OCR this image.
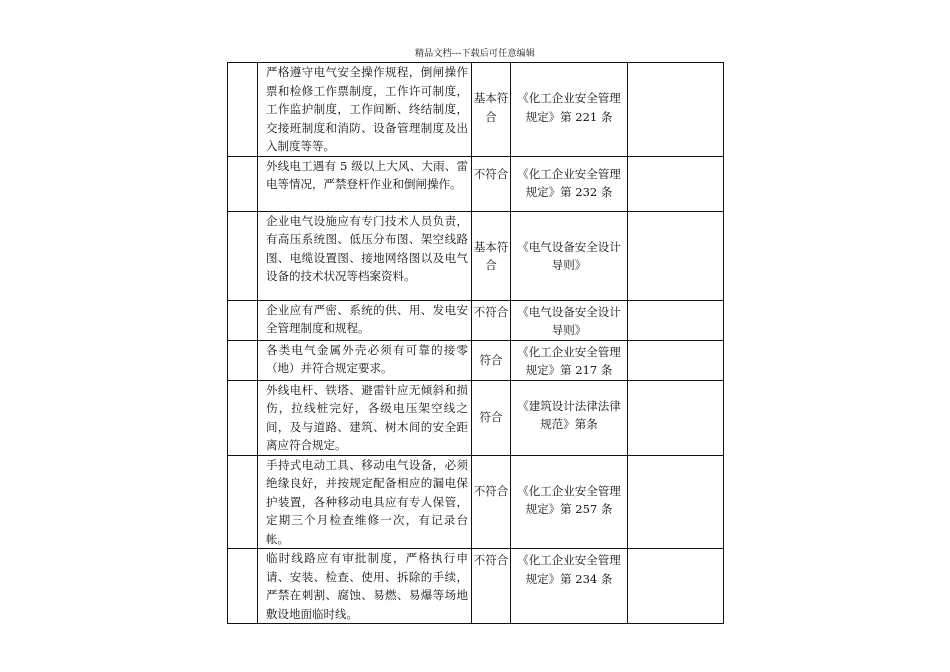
精品文档---下载后可任意编辑
	严格遵守电气安全操作规程，倒闸操作票和检修工作票制度，工作许可制度，工作监护制度，工作间断、终结制度，交接班制度和消防、设备管理制度及出入制度等等。	基本符合	《化工企业安全管理规定》第 221 条	
	外线电工遇有 5 级以上大风、大雨、雷电等情况，严禁登杆作业和倒闸操作。	不符合	《化工企业安全管理规定》第 232 条	
	企业电气设施应有专门技术人员负责，有高压系统图、低压分布图、架空线路图、电缆设置图、接地网络图以及电气设备的技术状况等档案资料。	基本符合	《电气设备安全设计导则》	
	企业应有严密、系统的供、用、发电安全管理制度和规程。	不符合	《电气设备安全设计导则》	
	各类电气金属外壳必须有可靠的接零（地）并符合规定要求。	符合	《化工企业安全管理规定》第 217 条	
	外线电杆、铁塔、避雷针应无倾斜和损伤，拉线桩完好，各级电压架空线之间，及与道路、建筑、树木间的安全距离应符合规定。	符合	《建筑设计法律法律规范》第条	
	手持式电动工具、移动电气设备，必须绝缘良好，并按规定配备相应的漏电保护装置，各种移动电具应有专人保管，定期三个月检查维修一次，有记录台帐。	不符合	《化工企业安全管理规定》第 257 条	
	临时线路应有审批制度，严格执行申请、安装、检查、使用、拆除的手续，严禁在刺割、腐蚀、易燃、易爆等场地敷设地面临时线。	不符合	《化工企业安全管理规定》第 234 条	
